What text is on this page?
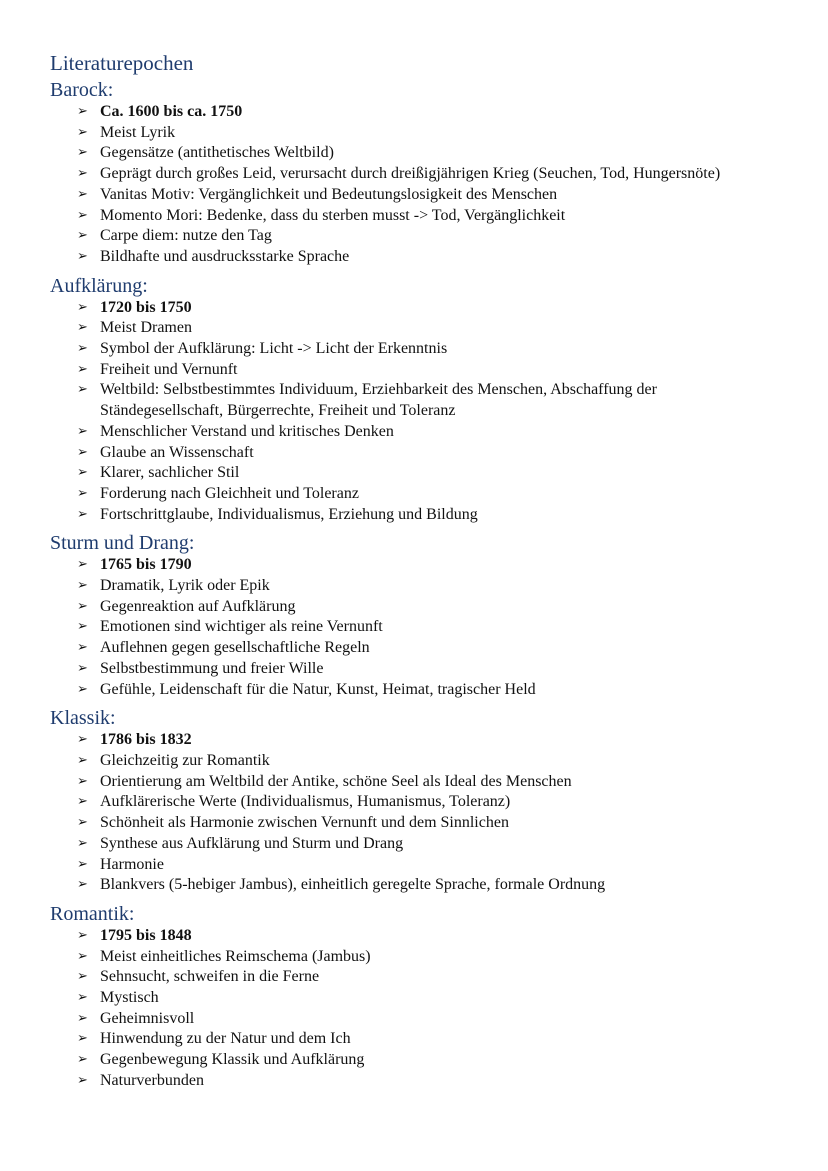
Literaturepochen
Barock:
➢ Ca. 1600 bis ca. 1750
➢ Meist Lyrik
➢ Gegensätze (antithetisches Weltbild)
➢ Geprägt durch großes Leid, verursacht durch dreißigjährigen Krieg (Seuchen, Tod, Hungersnöte)
➢ Vanitas Motiv: Vergänglichkeit und Bedeutungslosigkeit des Menschen
➢ Momento Mori: Bedenke, dass du sterben musst -> Tod, Vergänglichkeit
➢ Carpe diem: nutze den Tag
➢ Bildhafte und ausdrucksstarke Sprache
Aufklärung:
➢ 1720 bis 1750
➢ Meist Dramen
➢ Symbol der Aufklärung: Licht -> Licht der Erkenntnis
➢ Freiheit und Vernunft
➢ Weltbild: Selbstbestimmtes Individuum, Erziehbarkeit des Menschen, Abschaffung der
Ständegesellschaft, Bürgerrechte, Freiheit und Toleranz
➢ Menschlicher Verstand und kritisches Denken
➢ Glaube an Wissenschaft
➢ Klarer, sachlicher Stil
➢ Forderung nach Gleichheit und Toleranz
➢ Fortschrittglaube, Individualismus, Erziehung und Bildung
Sturm und Drang:
➢ 1765 bis 1790
➢ Dramatik, Lyrik oder Epik
➢ Gegenreaktion auf Aufklärung
➢ Emotionen sind wichtiger als reine Vernunft
➢ Auflehnen gegen gesellschaftliche Regeln
➢ Selbstbestimmung und freier Wille
➢ Gefühle, Leidenschaft für die Natur, Kunst, Heimat, tragischer Held
Klassik:
➢ 1786 bis 1832
➢ Gleichzeitig zur Romantik
➢ Orientierung am Weltbild der Antike, schöne Seel als Ideal des Menschen
➢ Aufklärerische Werte (Individualismus, Humanismus, Toleranz)
➢ Schönheit als Harmonie zwischen Vernunft und dem Sinnlichen
➢ Synthese aus Aufklärung und Sturm und Drang
➢ Harmonie
➢ Blankvers (5-hebiger Jambus), einheitlich geregelte Sprache, formale Ordnung
Romantik:
➢ 1795 bis 1848
➢ Meist einheitliches Reimschema (Jambus)
➢ Sehnsucht, schweifen in die Ferne
➢ Mystisch
➢ Geheimnisvoll
➢ Hinwendung zu der Natur und dem Ich
➢ Gegenbewegung Klassik und Aufklärung
➢ Naturverbunden
